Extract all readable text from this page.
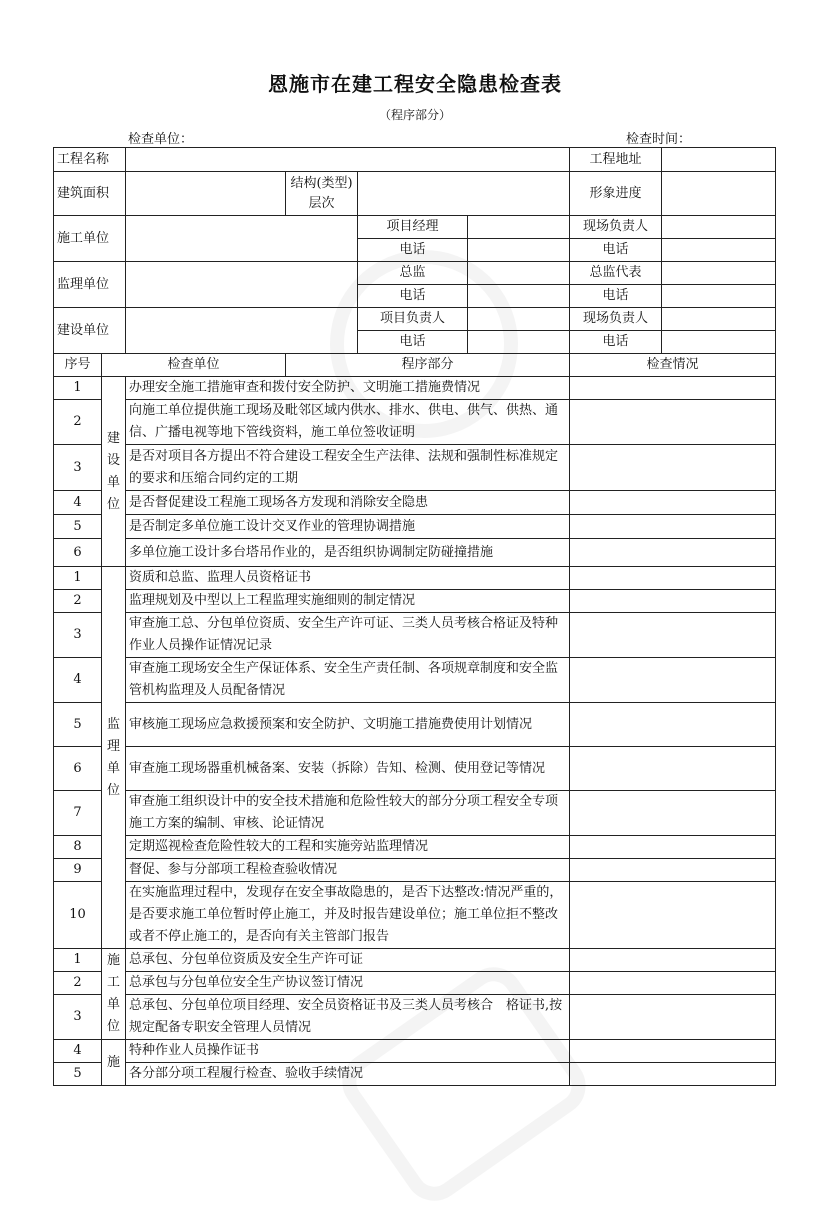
恩施市在建工程安全隐患检查表
（程序部分）
检查单位：	检查时间：
工程名称						工程地址	
建筑面积			结构(类型)层次			形象进度	
施工单位				项目经理		现场负责人	
				电话		电话	
监理单位				总监		总监代表	
				电话		电话	
建设单位				项目负责人		现场负责人	
				电话		电话	
序号	检查单位		程序部分			检查情况	
1	建设单位	办理安全施工措施审查和拨付安全防护、文明施工措施费情况					
2		向施工单位提供施工现场及毗邻区域内供水、排水、供电、供气、供热、通信、广播电视等地下管线资料，施工单位签收证明					
3		是否对项目各方提出不符合建设工程安全生产法律、法规和强制性标准规定的要求和压缩合同约定的工期					
4		是否督促建设工程施工现场各方发现和消除安全隐患					
5		是否制定多单位施工设计交叉作业的管理协调措施					
6		多单位施工设计多台塔吊作业的，是否组织协调制定防碰撞措施					
1	监理单位	资质和总监、监理人员资格证书					
2		监理规划及中型以上工程监理实施细则的制定情况					
3		审查施工总、分包单位资质、安全生产许可证、三类人员考核合格证及特种作业人员操作证情况记录					
4		审查施工现场安全生产保证体系、安全生产责任制、各项规章制度和安全监管机构监理及人员配备情况					
5		审核施工现场应急救援预案和安全防护、文明施工措施费使用计划情况					
6		审查施工现场器重机械备案、安装（拆除）告知、检测、使用登记等情况					
7		审查施工组织设计中的安全技术措施和危险性较大的部分分项工程安全专项施工方案的编制、审核、论证情况					
8		定期巡视检查危险性较大的工程和实施旁站监理情况					
9		督促、参与分部项工程检查验收情况					
10		在实施监理过程中，发现存在安全事故隐患的，是否下达整改:情况严重的，是否要求施工单位暂时停止施工，并及时报告建设单位；施工单位拒不整改或者不停止施工的，是否向有关主管部门报告					
1	施工单位	总承包、分包单位资质及安全生产许可证					
2		总承包与分包单位安全生产协议签订情况					
3		总承包、分包单位项目经理、安全员资格证书及三类人员考核合　格证书,按规定配备专职安全管理人员情况					
4	施	特种作业人员操作证书					
5		各分部分项工程履行检查、验收手续情况					
